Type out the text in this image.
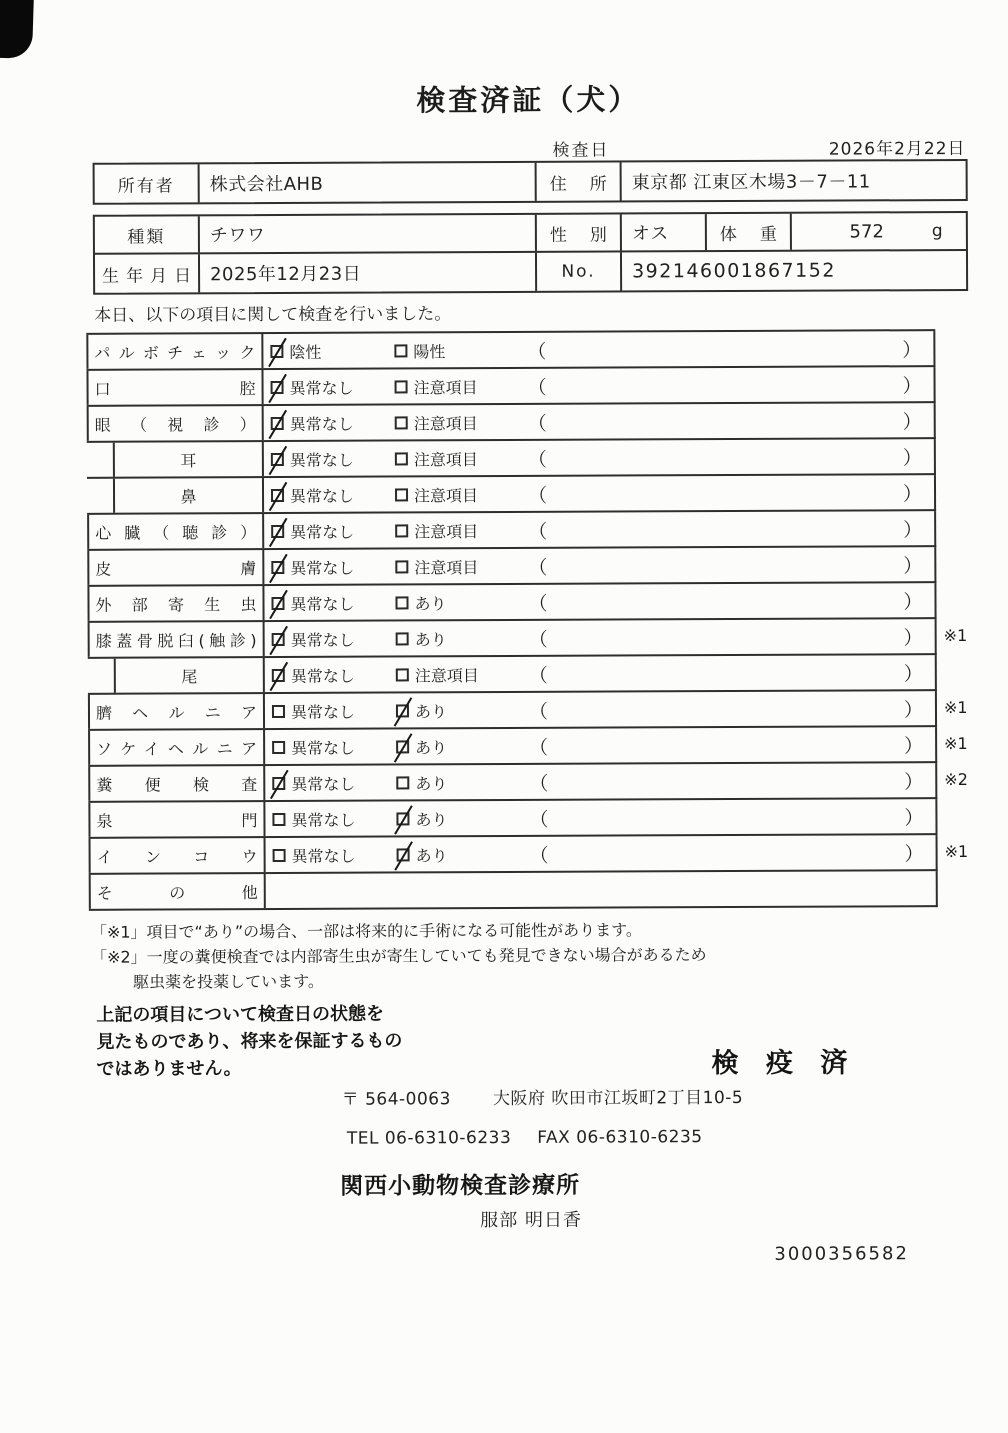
検査済証（犬）
検査日	2026年2月22日
所有者	株式会社AHB	住所	東京都 江東区木場3－7－11
種類	チワワ	性別	オス	体重	572	g
生年月日	2025年12月23日	No.	392146001867152
本日、以下の項目に関して検査を行いました。
パルボチェック	陰性	陽性	（	）
口腔	異常なし	注意項目	（	）
眼（視診）	異常なし	注意項目	（	）
耳	異常なし	注意項目	（	）
鼻	異常なし	注意項目	（	）
心臓（聴診）	異常なし	注意項目	（	）
皮膚	異常なし	注意項目	（	）
外部寄生虫	異常なし	あり	（	）
膝蓋骨脱臼(触診)	異常なし	あり	（	） ※1
尾	異常なし	注意項目	（	）
臍ヘルニア	異常なし	あり	（	） ※1
ソケイヘルニア	異常なし	あり	（	） ※1
糞便検査	異常なし	あり	（	） ※2
泉門	異常なし	あり	（	）
インコウ	異常なし	あり	（	） ※1
その他
「※1」項目で“あり”の場合、一部は将来的に手術になる可能性があります。
「※2」一度の糞便検査では内部寄生虫が寄生していても発見できない場合があるため
駆虫薬を投薬しています。
上記の項目について検査日の状態を
見たものであり、将来を保証するもの
ではありません。	検 疫 済
〒 564-0063 大阪府 吹田市江坂町2丁目10-5
TEL 06-6310-6233 FAX 06-6310-6235
関西小動物検査診療所
服部 明日香
3000356582
